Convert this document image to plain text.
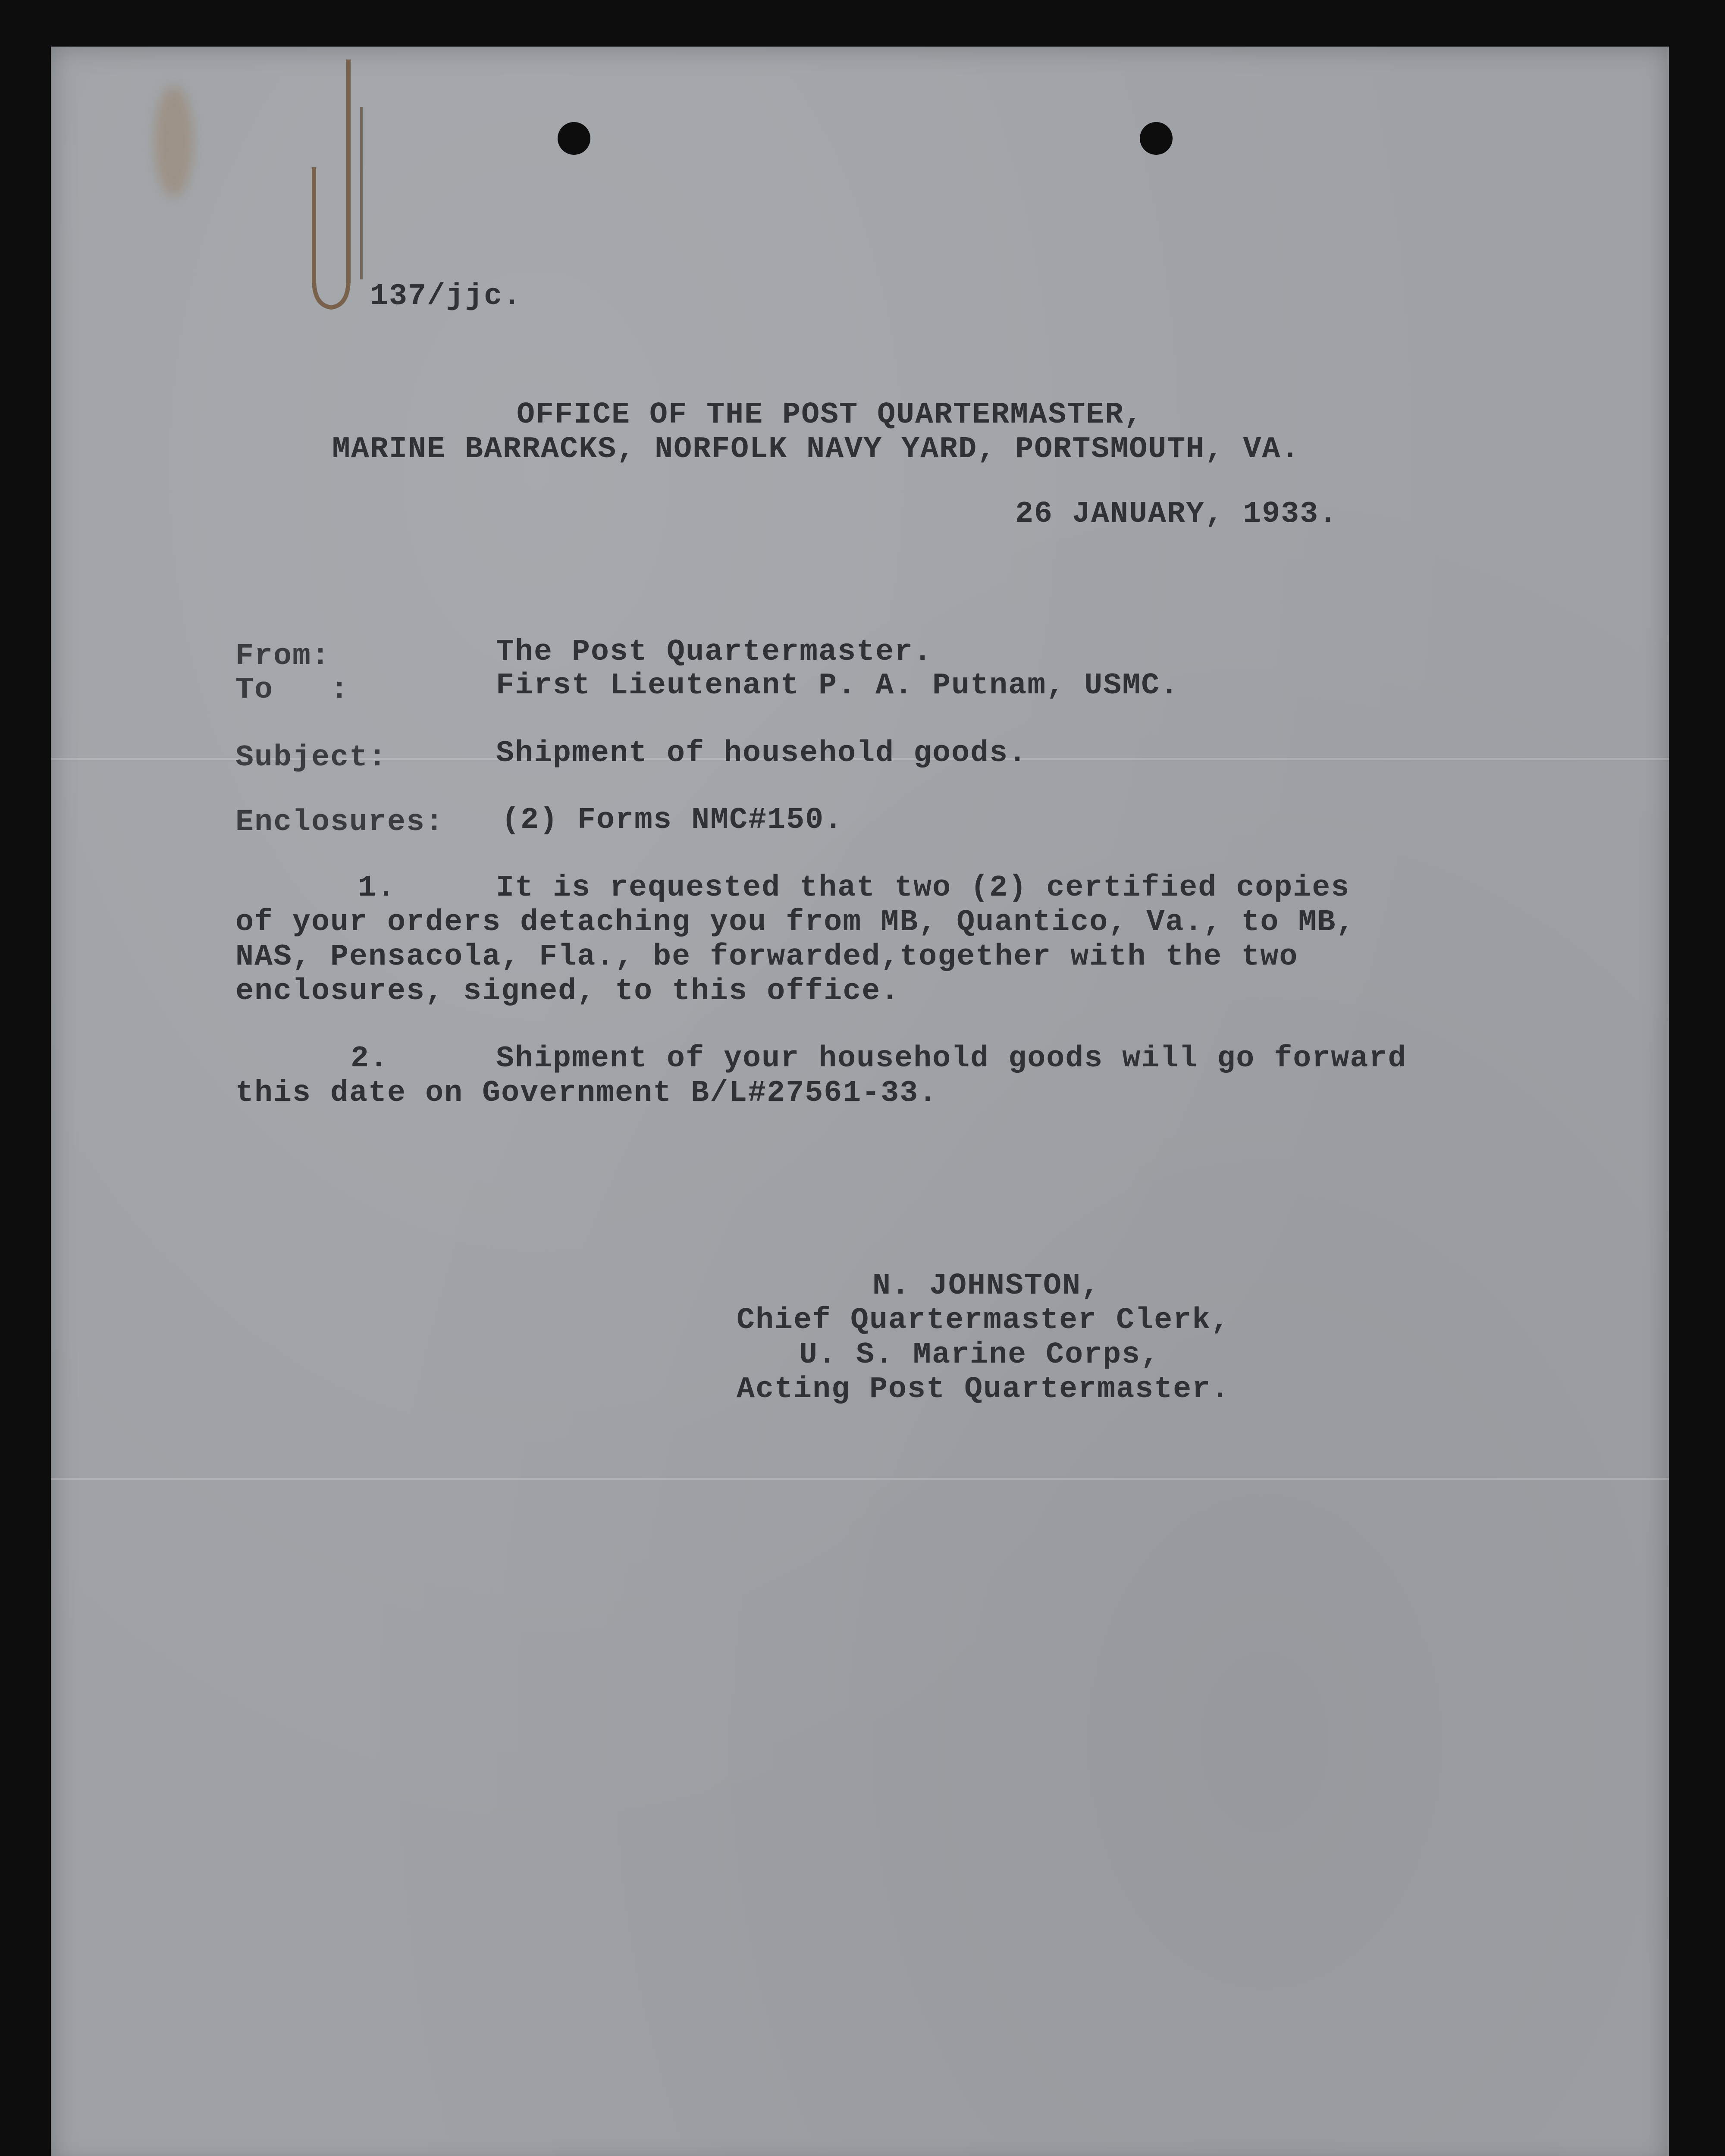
137/jjc.
OFFICE OF THE POST QUARTERMASTER,
MARINE BARRACKS, NORFOLK NAVY YARD, PORTSMOUTH, VA.
26 JANUARY, 1933.
From:	The Post Quartermaster.
To   :	First Lieutenant P. A. Putnam, USMC.
Subject:	Shipment of household goods.
Enclosures: (2) Forms NMC#150.
1.	It is requested that two (2) certified copies
of your orders detaching you from MB, Quantico, Va., to MB,
NAS, Pensacola, Fla., be forwarded,together with the two
enclosures, signed, to this office.
2.	Shipment of your household goods will go forward
this date on Government B/L#27561-33.
N. JOHNSTON,
Chief Quartermaster Clerk,
U. S. Marine Corps,
Acting Post Quartermaster.
